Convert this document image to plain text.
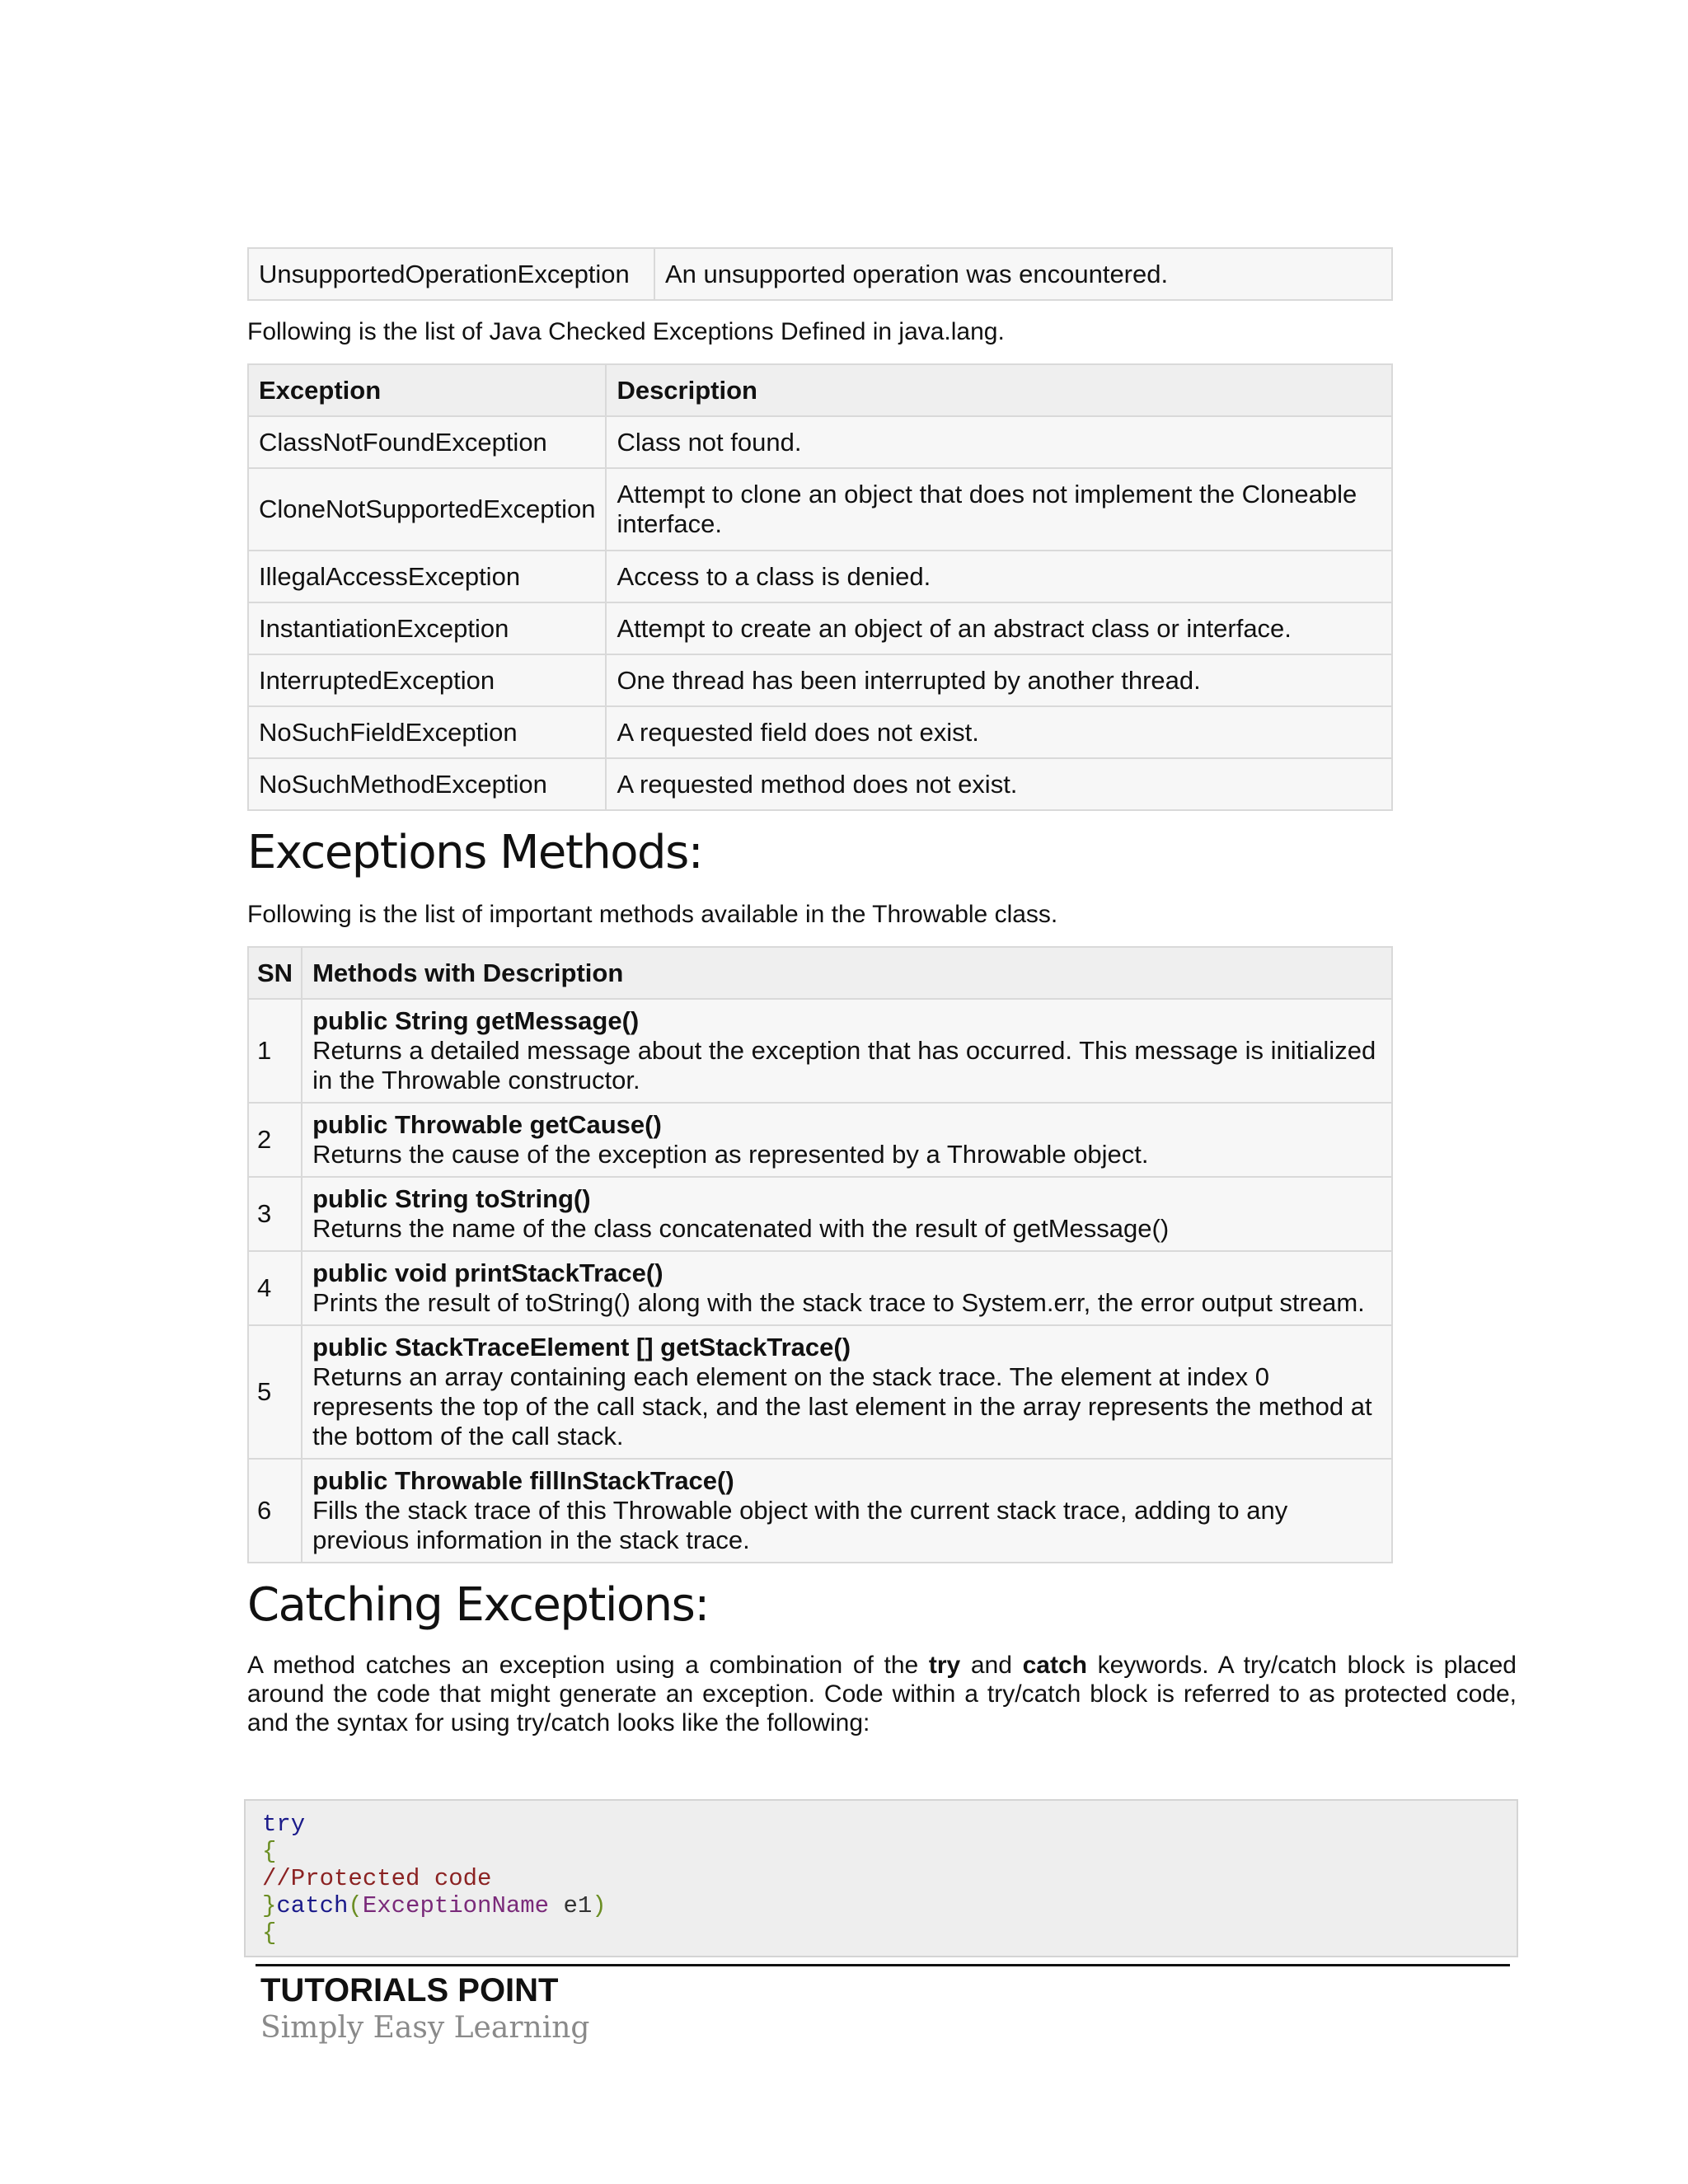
UnsupportedOperationException	An unsupported operation was encountered.

Following is the list of Java Checked Exceptions Defined in java.lang.

Exception	Description
ClassNotFoundException	Class not found.
CloneNotSupportedException	Attempt to clone an object that does not implement the Cloneable interface.
IllegalAccessException	Access to a class is denied.
InstantiationException	Attempt to create an object of an abstract class or interface.
InterruptedException	One thread has been interrupted by another thread.
NoSuchFieldException	A requested field does not exist.
NoSuchMethodException	A requested method does not exist.
Exceptions Methods:

Following is the list of important methods available in the Throwable class.

SN	Methods with Description
1	public String getMessage()
Returns a detailed message about the exception that has occurred. This message is initialized in the Throwable constructor.

2	public Throwable getCause()
Returns the cause of the exception as represented by a Throwable object.

3	public String toString()
Returns the name of the class concatenated with the result of getMessage()

4	public void printStackTrace()
Prints the result of toString() along with the stack trace to System.err, the error output stream.

5	public StackTraceElement [] getStackTrace()
Returns an array containing each element on the stack trace. The element at index 0 represents the top of the call stack, and the last element in the array represents the method at the bottom of the call stack.

6	public Throwable fillInStackTrace()
Fills the stack trace of this Throwable object with the current stack trace, adding to any previous information in the stack trace.
Catching Exceptions:

A method catches an exception using a combination of the try and catch keywords. A try/catch block is placed around the code that might generate an exception. Code within a try/catch block is referred to as protected code, and the syntax for using try/catch looks like the following:

try
{
//Protected code
}catch(ExceptionName e1)
{
TUTORIALS POINT
Simply Easy Learning
